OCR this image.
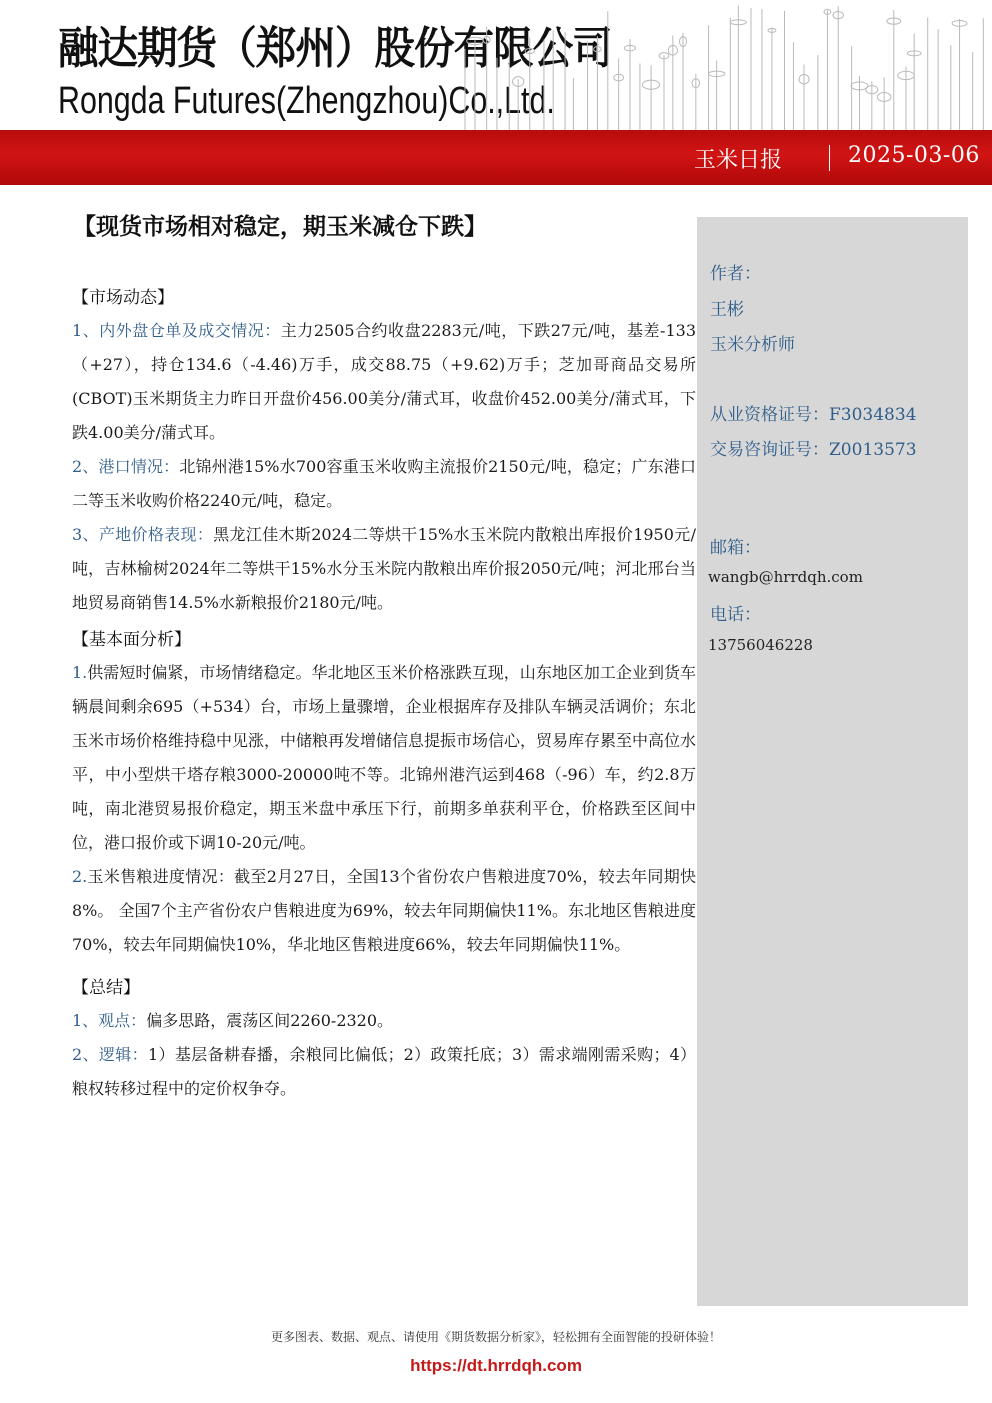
融达期货（郑州）股份有限公司
Rongda Futures(Zhengzhou)Co.,Ltd.
玉米日报	2025-03-06
作者：
王彬
玉米分析师
从业资格证号：F3034834
交易咨询证号：Z0013573
邮箱：
wangb@hrrdqh.com
电话：
13756046228
【现货市场相对稳定，期玉米减仓下跌】

【市场动态】

1、内外盘仓单及成交情况：主力2505合约收盘2283元/吨，下跌27元/吨，基差-133（+27），持仓134.6（-4.46)万手，成交88.75（+9.62)万手；芝加哥商品交易所(CBOT)玉米期货主力昨日开盘价456.00美分/蒲式耳，收盘价452.00美分/蒲式耳，下跌4.00美分/蒲式耳。

2、港口情况：北锦州港15%水700容重玉米收购主流报价2150元/吨，稳定；广东港口二等玉米收购价格2240元/吨，稳定。

3、产地价格表现：黑龙江佳木斯2024二等烘干15%水玉米院内散粮出库报价1950元/吨，吉林榆树2024年二等烘干15%水分玉米院内散粮出库价报2050元/吨；河北邢台当地贸易商销售14.5%水新粮报价2180元/吨。

【基本面分析】

1.供需短时偏紧，市场情绪稳定。华北地区玉米价格涨跌互现，山东地区加工企业到货车辆晨间剩余695（+534）台，市场上量骤增，企业根据库存及排队车辆灵活调价；东北玉米市场价格维持稳中见涨，中储粮再发增储信息提振市场信心，贸易库存累至中高位水平，中小型烘干塔存粮3000-20000吨不等。北锦州港汽运到468（-96）车，约2.8万吨，南北港贸易报价稳定，期玉米盘中承压下行，前期多单获利平仓，价格跌至区间中位，港口报价或下调10-20元/吨。

2.玉米售粮进度情况：截至2月27日，全国13个省份农户售粮进度70%，较去年同期快8%。 全国7个主产省份农户售粮进度为69%，较去年同期偏快11%。东北地区售粮进度70%，较去年同期偏快10%，华北地区售粮进度66%，较去年同期偏快11%。

【总结】

1、观点：偏多思路，震荡区间2260-2320。

2、逻辑：1）基层备耕春播，余粮同比偏低；2）政策托底；3）需求端刚需采购；4）粮权转移过程中的定价权争夺。

更多图表、数据、观点、请使用《期货数据分析家》，轻松拥有全面智能的投研体验！
https://dt.hrrdqh.com
